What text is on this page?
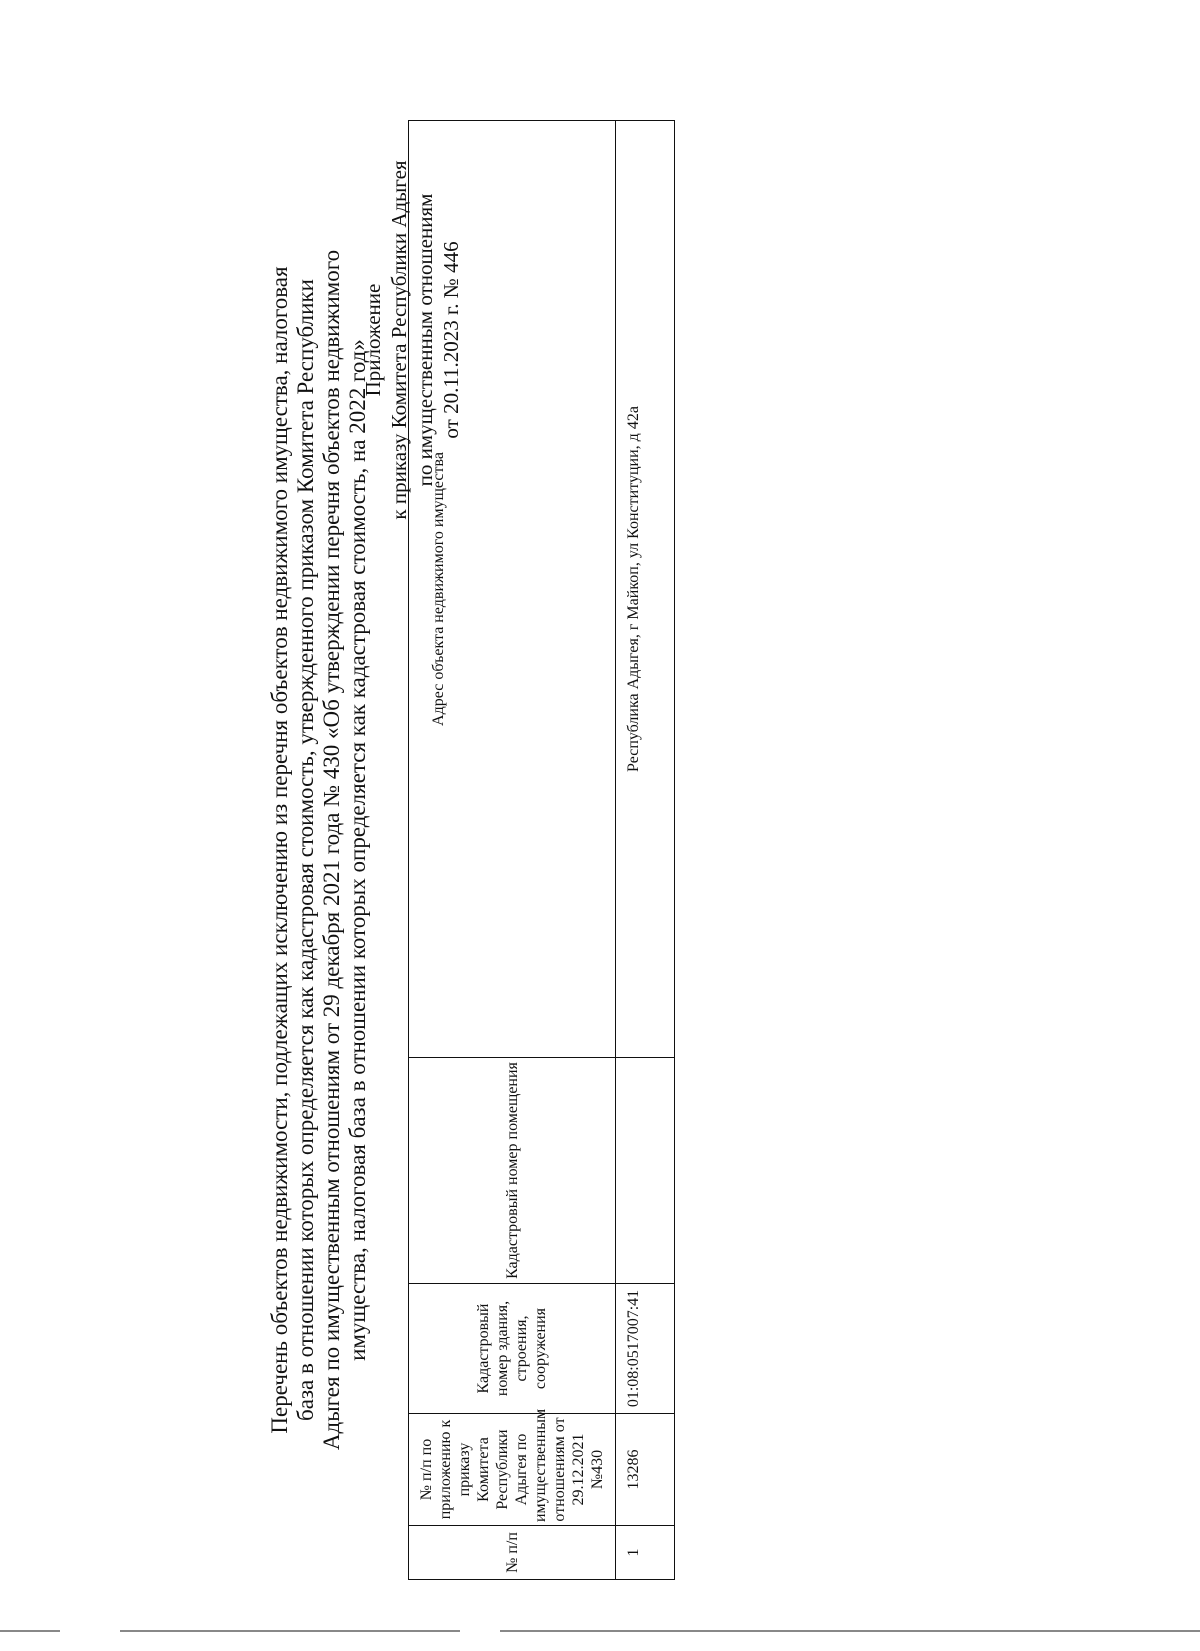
Приложение к приказу Комитета Республики Адыгея по имущественным отношениям от 20.11.2023 г. № 446
Перечень объектов недвижимости, подлежащих исключению из перечня объектов недвижимого имущества, налоговая база в отношении которых определяется как кадастровая стоимость, утвержденного приказом Комитета Республики Адыгея по имущественным отношениям от 29 декабря 2021 года № 430 «Об утверждении перечня объектов недвижимого имущества, налоговая база в отношении которых определяется как кадастровая стоимость, на 2022 год»
№ п/п	№ п/п по приложению к приказу Комитета Республики Адыгея по имущественным отношениям от 29.12.2021 №430	Кадастровый номер здания, строения, сооружения	Кадастровый номер помещения	Адрес объекта недвижимого имущества
1	13286	01:08:0517007:41		Республика Адыгея, г Майкоп, ул Конституции, д 42а
